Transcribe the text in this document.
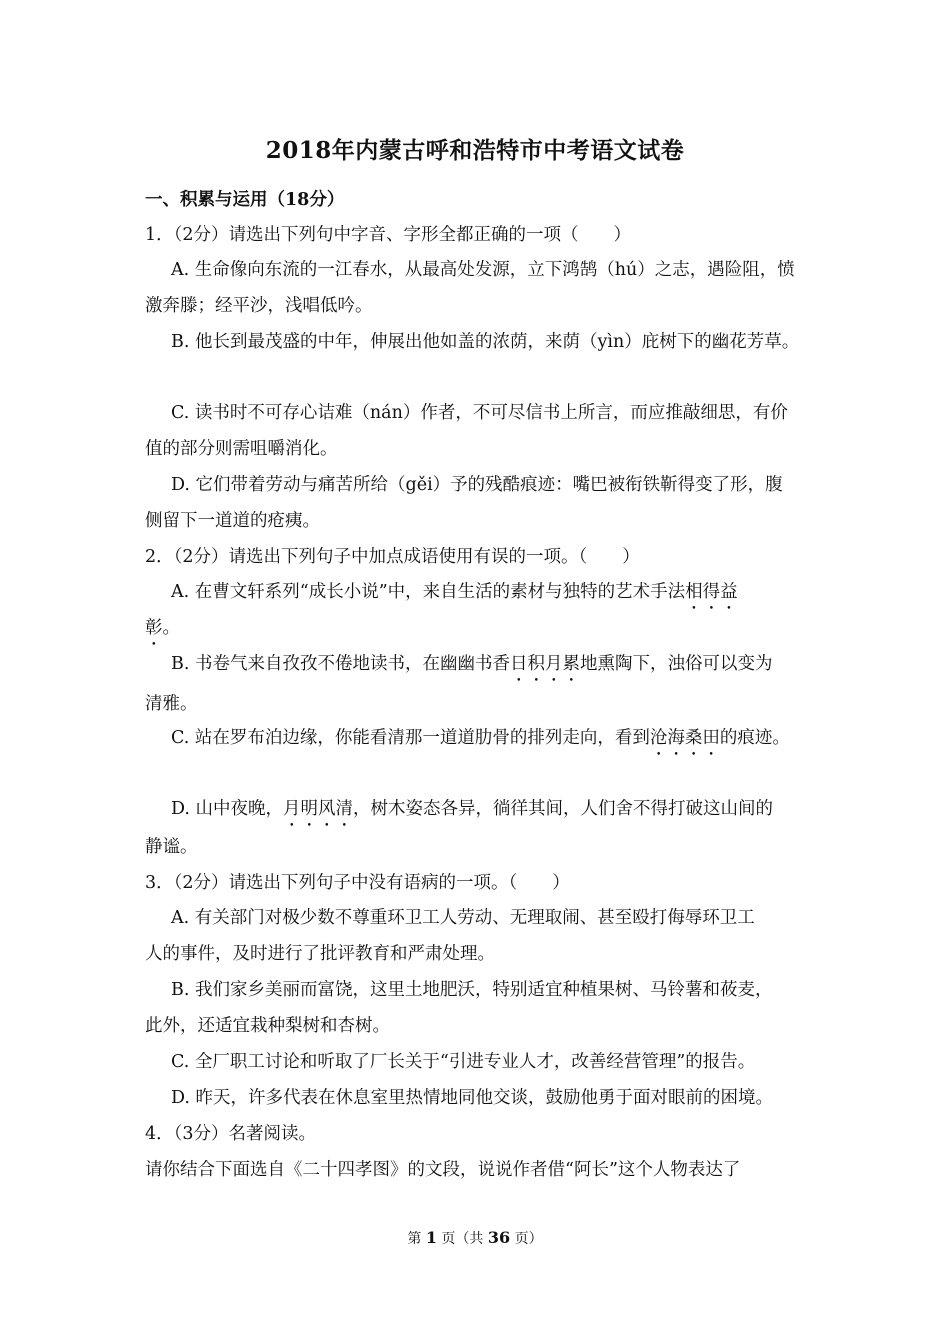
2018年内蒙古呼和浩特市中考语文试卷
一、积累与运用（18分）
1．（2分）请选出下列句中字音、字形全都正确的一项（　　）
A. 生命像向东流的一江春水，从最高处发源，立下鸿鹄（hú）之志，遇险阻，愤
激奔滕；经平沙，浅唱低吟。
B. 他长到最茂盛的中年，伸展出他如盖的浓荫，来荫（yìn）庇树下的幽花芳草。
C. 读书时不可存心诘难（nán）作者，不可尽信书上所言，而应推敲细思，有价
值的部分则需咀嚼消化。
D. 它们带着劳动与痛苦所给（gěi）予的残酷痕迹：嘴巴被衔铁靳得变了形，腹
侧留下一道道的疮痍。
2．（2分）请选出下列句子中加点成语使用有误的一项。（　　）
A. 在曹文轩系列“成长小说”中，来自生活的素材与独特的艺术手法相得益
彰。
B. 书卷气来自孜孜不倦地读书，在幽幽书香日积月累地熏陶下，浊俗可以变为
清雅。
C. 站在罗布泊边缘，你能看清那一道道肋骨的排列走向，看到沧海桑田的痕迹。
D. 山中夜晚，月明风清，树木姿态各异，徜徉其间，人们舍不得打破这山间的
静谧。
3．（2分）请选出下列句子中没有语病的一项。（　　）
A. 有关部门对极少数不尊重环卫工人劳动、无理取闹、甚至殴打侮辱环卫工
人的事件，及时进行了批评教育和严肃处理。
B. 我们家乡美丽而富饶，这里土地肥沃，特别适宜种植果树、马铃薯和莜麦，
此外，还适宜栽种梨树和杏树。
C. 全厂职工讨论和听取了厂长关于“引进专业人才，改善经营管理”的报告。
D. 昨天，许多代表在休息室里热情地同他交谈，鼓励他勇于面对眼前的困境。
4．（3分）名著阅读。
请你结合下面选自《二十四孝图》的文段，说说作者借“阿长”这个人物表达了
第 1 页（共 36 页）
